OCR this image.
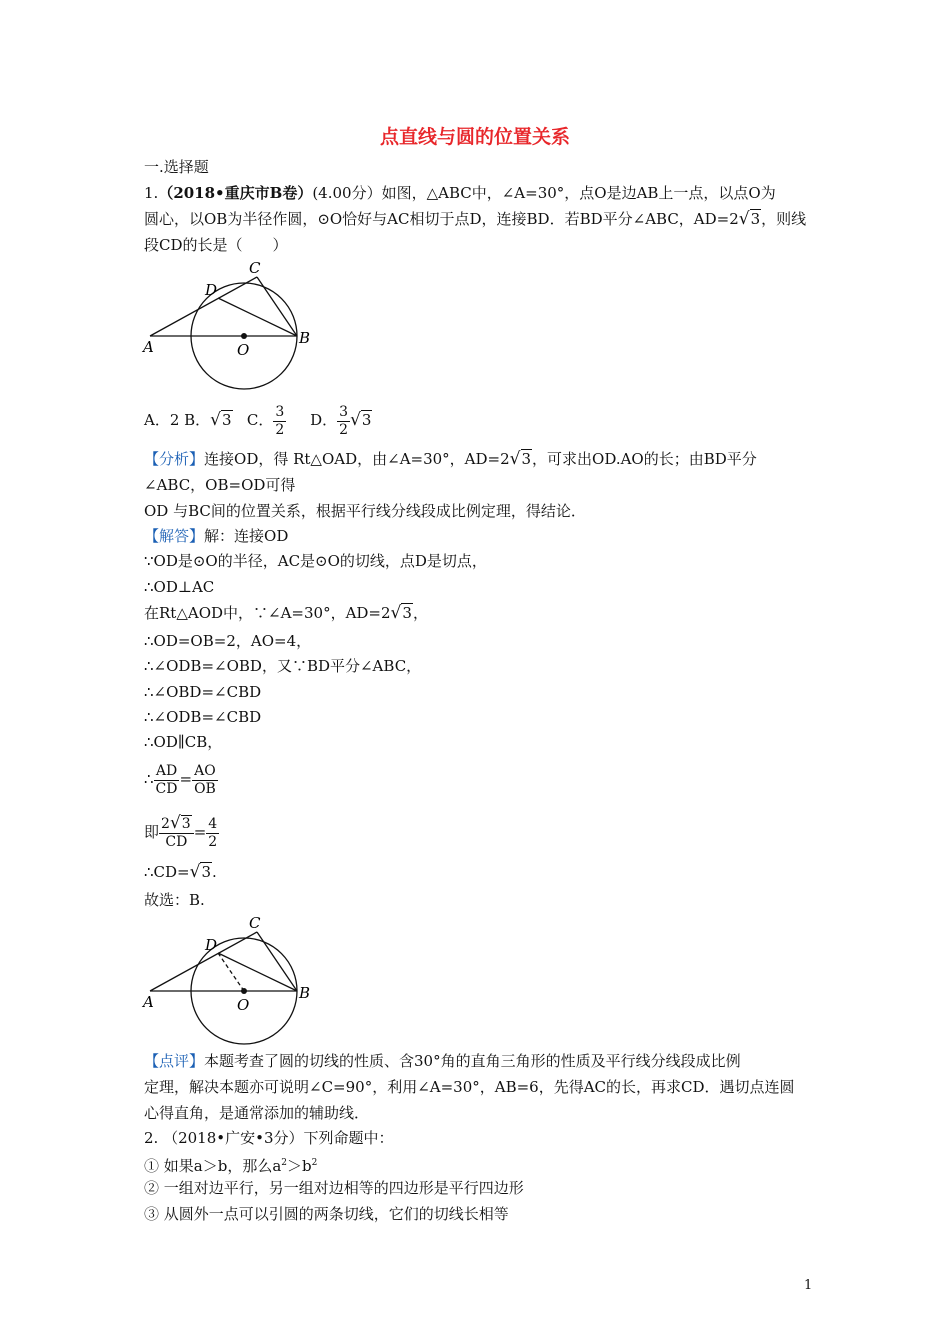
点直线与圆的位置关系
一.选择题
1.（2018•重庆市B卷）(4.00分）如图，△ABC中，∠A=30°，点O是边AB上一点，以点O为
圆心，以OB为半径作圆，⊙O恰好与AC相切于点D，连接BD．若BD平分∠ABC，AD=2√3，则线
段CD的长是（　　）
C
D
A	O
B
A．2 B．√3 C． $\frac{3}{2}$ D． $\frac{3}{2} √3$
【分析】连接OD，得 Rt△OAD，由∠A=30°，AD=2√3，可求出OD.AO的长；由BD平分
∠ABC，OB=OD可得
OD 与BC间的位置关系，根据平行线分线段成比例定理，得结论．
【解答】解：连接OD
∵OD是⊙O的半径，AC是⊙O的切线，点D是切点，
∴OD⊥AC
在Rt△AOD中，∵∠A=30°，AD=2√3，
∴OD=OB=2，AO=4，
∴∠ODB=∠OBD，又∵BD平分∠ABC，
∴∠OBD=∠CBD
∴∠ODB=∠CBD
∴OD∥CB，
∴ $\frac{AD}{CD} = \frac{AO}{OB}$
即 $\frac{2√3}{CD} = \frac{4}{2}$
∴CD=√3.
故选：B.
C
D
A	O
B
【点评】本题考查了圆的切线的性质、含30°角的直角三角形的性质及平行线分线段成比例
定理，解决本题亦可说明∠C=90°，利用∠A=30°，AB=6，先得AC的长，再求CD．遇切点连圆
心得直角，是通常添加的辅助线．
2. （2018•广安•3分）下列命题中：
① 如果a＞b，那么$a^2>b^2$
② 一组对边平行，另一组对边相等的四边形是平行四边形
③ 从圆外一点可以引圆的两条切线，它们的切线长相等
1
